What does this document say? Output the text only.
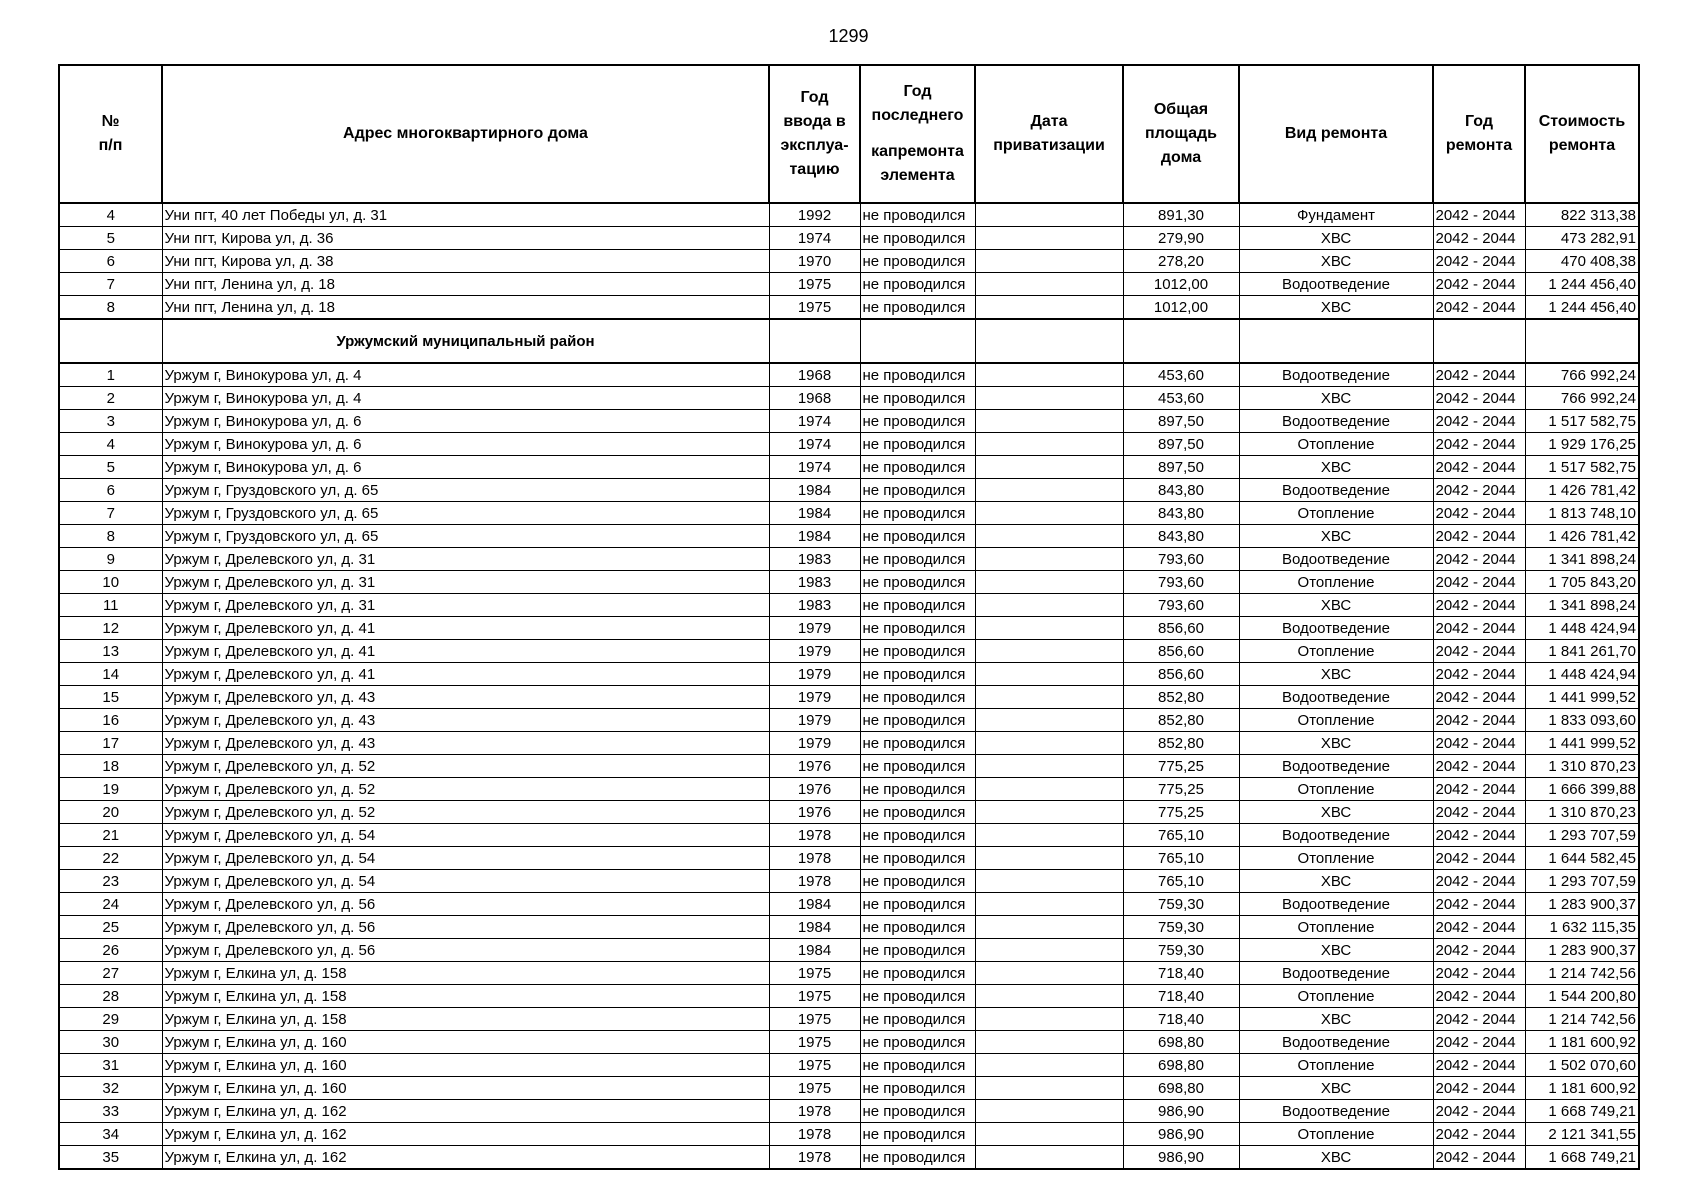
1299
№
п/п	Адрес многоквартирного дома	Год
ввода в
эксплуа-
тацию	Год
последнего
капремонта
элемента	Дата
приватизации	Общая
площадь
дома	Вид ремонта	Год
ремонта	Стоимость
ремонта
4	Уни пгт, 40 лет Победы ул, д. 31	1992	не проводился		891,30	Фундамент	2042 - 2044	822 313,38
5	Уни пгт, Кирова ул, д. 36	1974	не проводился		279,90	ХВС	2042 - 2044	473 282,91
6	Уни пгт, Кирова ул, д. 38	1970	не проводился		278,20	ХВС	2042 - 2044	470 408,38
7	Уни пгт, Ленина ул, д. 18	1975	не проводился		1012,00	Водоотведение	2042 - 2044	1 244 456,40
8	Уни пгт, Ленина ул, д. 18	1975	не проводился		1012,00	ХВС	2042 - 2044	1 244 456,40
	Уржумский муниципальный район							
1	Уржум г, Винокурова ул, д. 4	1968	не проводился		453,60	Водоотведение	2042 - 2044	766 992,24
2	Уржум г, Винокурова ул, д. 4	1968	не проводился		453,60	ХВС	2042 - 2044	766 992,24
3	Уржум г, Винокурова ул, д. 6	1974	не проводился		897,50	Водоотведение	2042 - 2044	1 517 582,75
4	Уржум г, Винокурова ул, д. 6	1974	не проводился		897,50	Отопление	2042 - 2044	1 929 176,25
5	Уржум г, Винокурова ул, д. 6	1974	не проводился		897,50	ХВС	2042 - 2044	1 517 582,75
6	Уржум г, Груздовского ул, д. 65	1984	не проводился		843,80	Водоотведение	2042 - 2044	1 426 781,42
7	Уржум г, Груздовского ул, д. 65	1984	не проводился		843,80	Отопление	2042 - 2044	1 813 748,10
8	Уржум г, Груздовского ул, д. 65	1984	не проводился		843,80	ХВС	2042 - 2044	1 426 781,42
9	Уржум г, Дрелевского ул, д. 31	1983	не проводился		793,60	Водоотведение	2042 - 2044	1 341 898,24
10	Уржум г, Дрелевского ул, д. 31	1983	не проводился		793,60	Отопление	2042 - 2044	1 705 843,20
11	Уржум г, Дрелевского ул, д. 31	1983	не проводился		793,60	ХВС	2042 - 2044	1 341 898,24
12	Уржум г, Дрелевского ул, д. 41	1979	не проводился		856,60	Водоотведение	2042 - 2044	1 448 424,94
13	Уржум г, Дрелевского ул, д. 41	1979	не проводился		856,60	Отопление	2042 - 2044	1 841 261,70
14	Уржум г, Дрелевского ул, д. 41	1979	не проводился		856,60	ХВС	2042 - 2044	1 448 424,94
15	Уржум г, Дрелевского ул, д. 43	1979	не проводился		852,80	Водоотведение	2042 - 2044	1 441 999,52
16	Уржум г, Дрелевского ул, д. 43	1979	не проводился		852,80	Отопление	2042 - 2044	1 833 093,60
17	Уржум г, Дрелевского ул, д. 43	1979	не проводился		852,80	ХВС	2042 - 2044	1 441 999,52
18	Уржум г, Дрелевского ул, д. 52	1976	не проводился		775,25	Водоотведение	2042 - 2044	1 310 870,23
19	Уржум г, Дрелевского ул, д. 52	1976	не проводился		775,25	Отопление	2042 - 2044	1 666 399,88
20	Уржум г, Дрелевского ул, д. 52	1976	не проводился		775,25	ХВС	2042 - 2044	1 310 870,23
21	Уржум г, Дрелевского ул, д. 54	1978	не проводился		765,10	Водоотведение	2042 - 2044	1 293 707,59
22	Уржум г, Дрелевского ул, д. 54	1978	не проводился		765,10	Отопление	2042 - 2044	1 644 582,45
23	Уржум г, Дрелевского ул, д. 54	1978	не проводился		765,10	ХВС	2042 - 2044	1 293 707,59
24	Уржум г, Дрелевского ул, д. 56	1984	не проводился		759,30	Водоотведение	2042 - 2044	1 283 900,37
25	Уржум г, Дрелевского ул, д. 56	1984	не проводился		759,30	Отопление	2042 - 2044	1 632 115,35
26	Уржум г, Дрелевского ул, д. 56	1984	не проводился		759,30	ХВС	2042 - 2044	1 283 900,37
27	Уржум г, Елкина ул, д. 158	1975	не проводился		718,40	Водоотведение	2042 - 2044	1 214 742,56
28	Уржум г, Елкина ул, д. 158	1975	не проводился		718,40	Отопление	2042 - 2044	1 544 200,80
29	Уржум г, Елкина ул, д. 158	1975	не проводился		718,40	ХВС	2042 - 2044	1 214 742,56
30	Уржум г, Елкина ул, д. 160	1975	не проводился		698,80	Водоотведение	2042 - 2044	1 181 600,92
31	Уржум г, Елкина ул, д. 160	1975	не проводился		698,80	Отопление	2042 - 2044	1 502 070,60
32	Уржум г, Елкина ул, д. 160	1975	не проводился		698,80	ХВС	2042 - 2044	1 181 600,92
33	Уржум г, Елкина ул, д. 162	1978	не проводился		986,90	Водоотведение	2042 - 2044	1 668 749,21
34	Уржум г, Елкина ул, д. 162	1978	не проводился		986,90	Отопление	2042 - 2044	2 121 341,55
35	Уржум г, Елкина ул, д. 162	1978	не проводился		986,90	ХВС	2042 - 2044	1 668 749,21
